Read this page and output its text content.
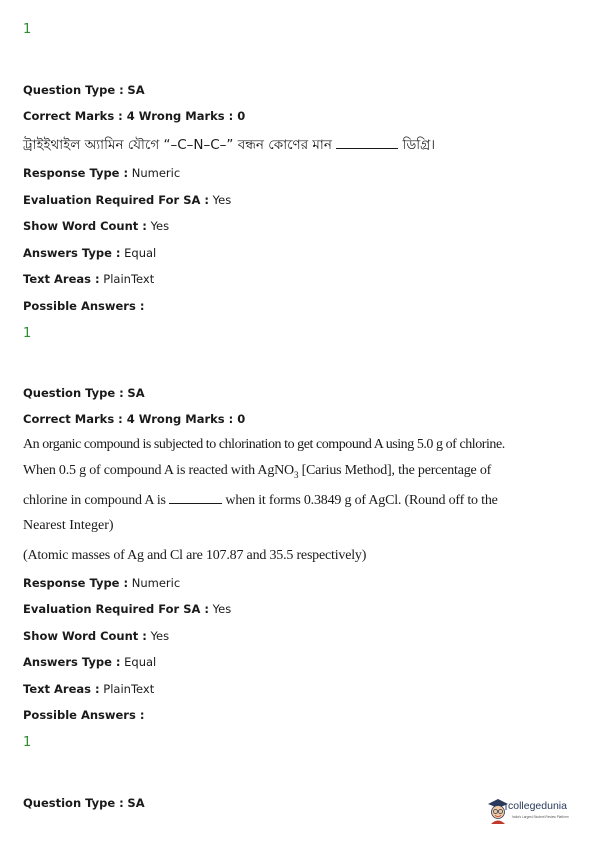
1
Question Type : SA
Correct Marks : 4 Wrong Marks : 0
ট্রাইইথাইল অ্যামিন যৌগে “–C–N–C–” বন্ধন কোণের মান	ডিগ্রি।
Response Type : Numeric
Evaluation Required For SA : Yes
Show Word Count : Yes
Answers Type : Equal
Text Areas : PlainText
Possible Answers :
1
Question Type : SA
Correct Marks : 4 Wrong Marks : 0

An organic compound is subjected to chlorination to get compound A using 5.0 g of chlorine.

When 0.5 g of compound A is reacted with AgNO$_3$ [Carius Method], the percentage of

chlorine in compound A is	when it forms 0.3849 g of AgCl. (Round off to the

Nearest Integer)

(Atomic masses of Ag and Cl are 107.87 and 35.5 respectively)

Response Type : Numeric
Evaluation Required For SA : Yes
Show Word Count : Yes
Answers Type : Equal
Text Areas : PlainText
Possible Answers :
1
Question Type : SA	collegedunia
India's Largest Student Review Platform
